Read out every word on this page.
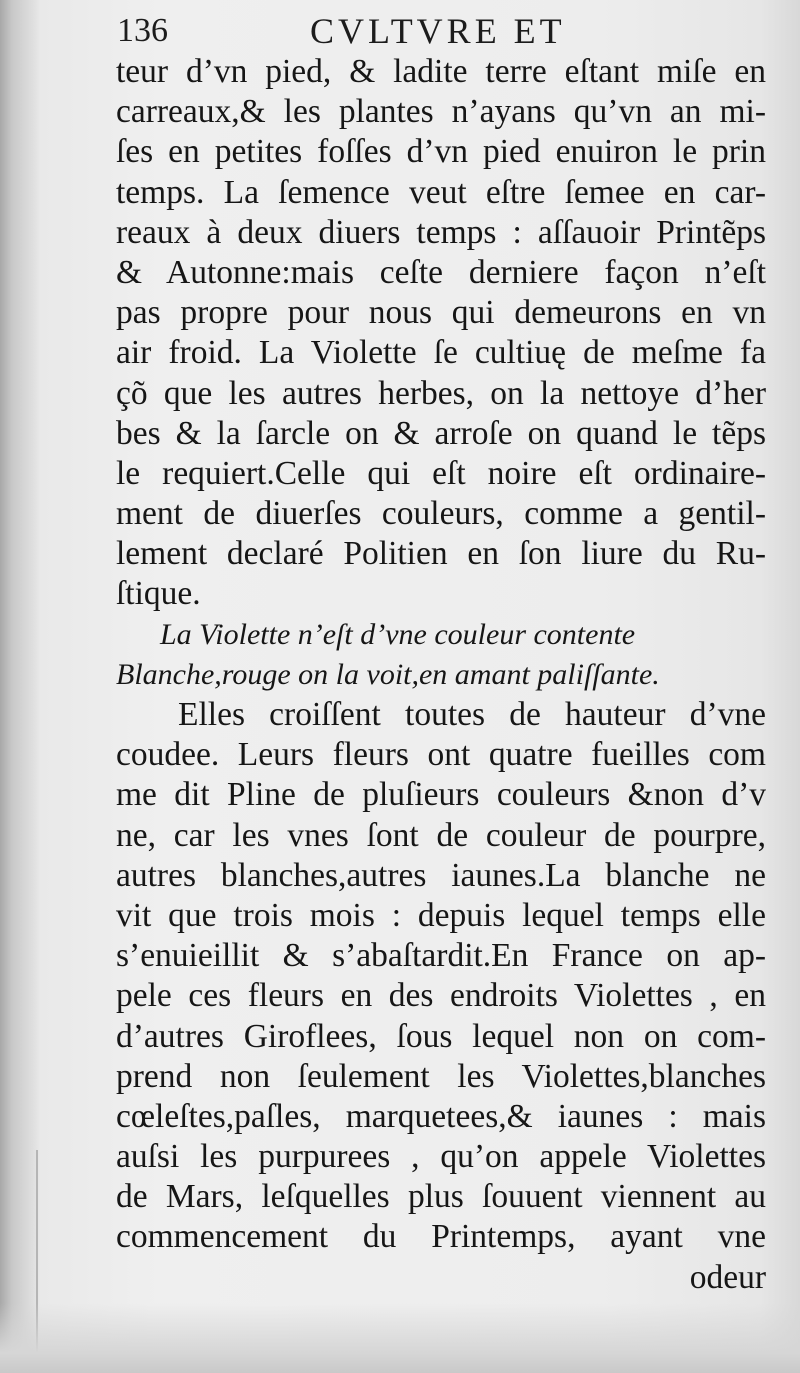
136	CVLTVRE ET
teur d’vn pied, & ladite terre eſtant miſe en
carreaux,& les plantes n’ayans qu’vn an mi-
ſes en petites foſſes d’vn pied enuiron le prin
temps. La ſemence veut eſtre ſemee en car-
reaux à deux diuers temps : aſſauoir Printẽps
& Autonne:mais ceſte derniere façon n’eſt
pas propre pour nous qui demeurons en vn
air froid. La Violette ſe cultiuę de meſme fa
çõ que les autres herbes, on la nettoye d’her
bes & la ſarcle on & arroſe on quand le tẽps
le requiert.Celle qui eſt noire eſt ordinaire-
ment de diuerſes couleurs, comme a gentil-
lement declaré Politien en ſon liure du Ru-
ſtique.
La Violette n’eſt d’vne couleur contente
Blanche,rouge on la voit,en amant paliſſante.
Elles croiſſent toutes de hauteur d’vne
coudee. Leurs fleurs ont quatre fueilles com
me dit Pline de pluſieurs couleurs &non d’v
ne, car les vnes ſont de couleur de pourpre,
autres blanches,autres iaunes.La blanche ne
vit que trois mois : depuis lequel temps elle
s’enuieillit & s’abaſtardit.En France on ap-
pele ces fleurs en des endroits Violettes , en
d’autres Giroflees, ſous lequel non on com-
prend non ſeulement les Violettes,blanches
cœleſtes,paſles, marquetees,& iaunes : mais
auſsi les purpurees , qu’on appele Violettes
de Mars, leſquelles plus ſouuent viennent au
commencement du Printemps, ayant vne
odeur
